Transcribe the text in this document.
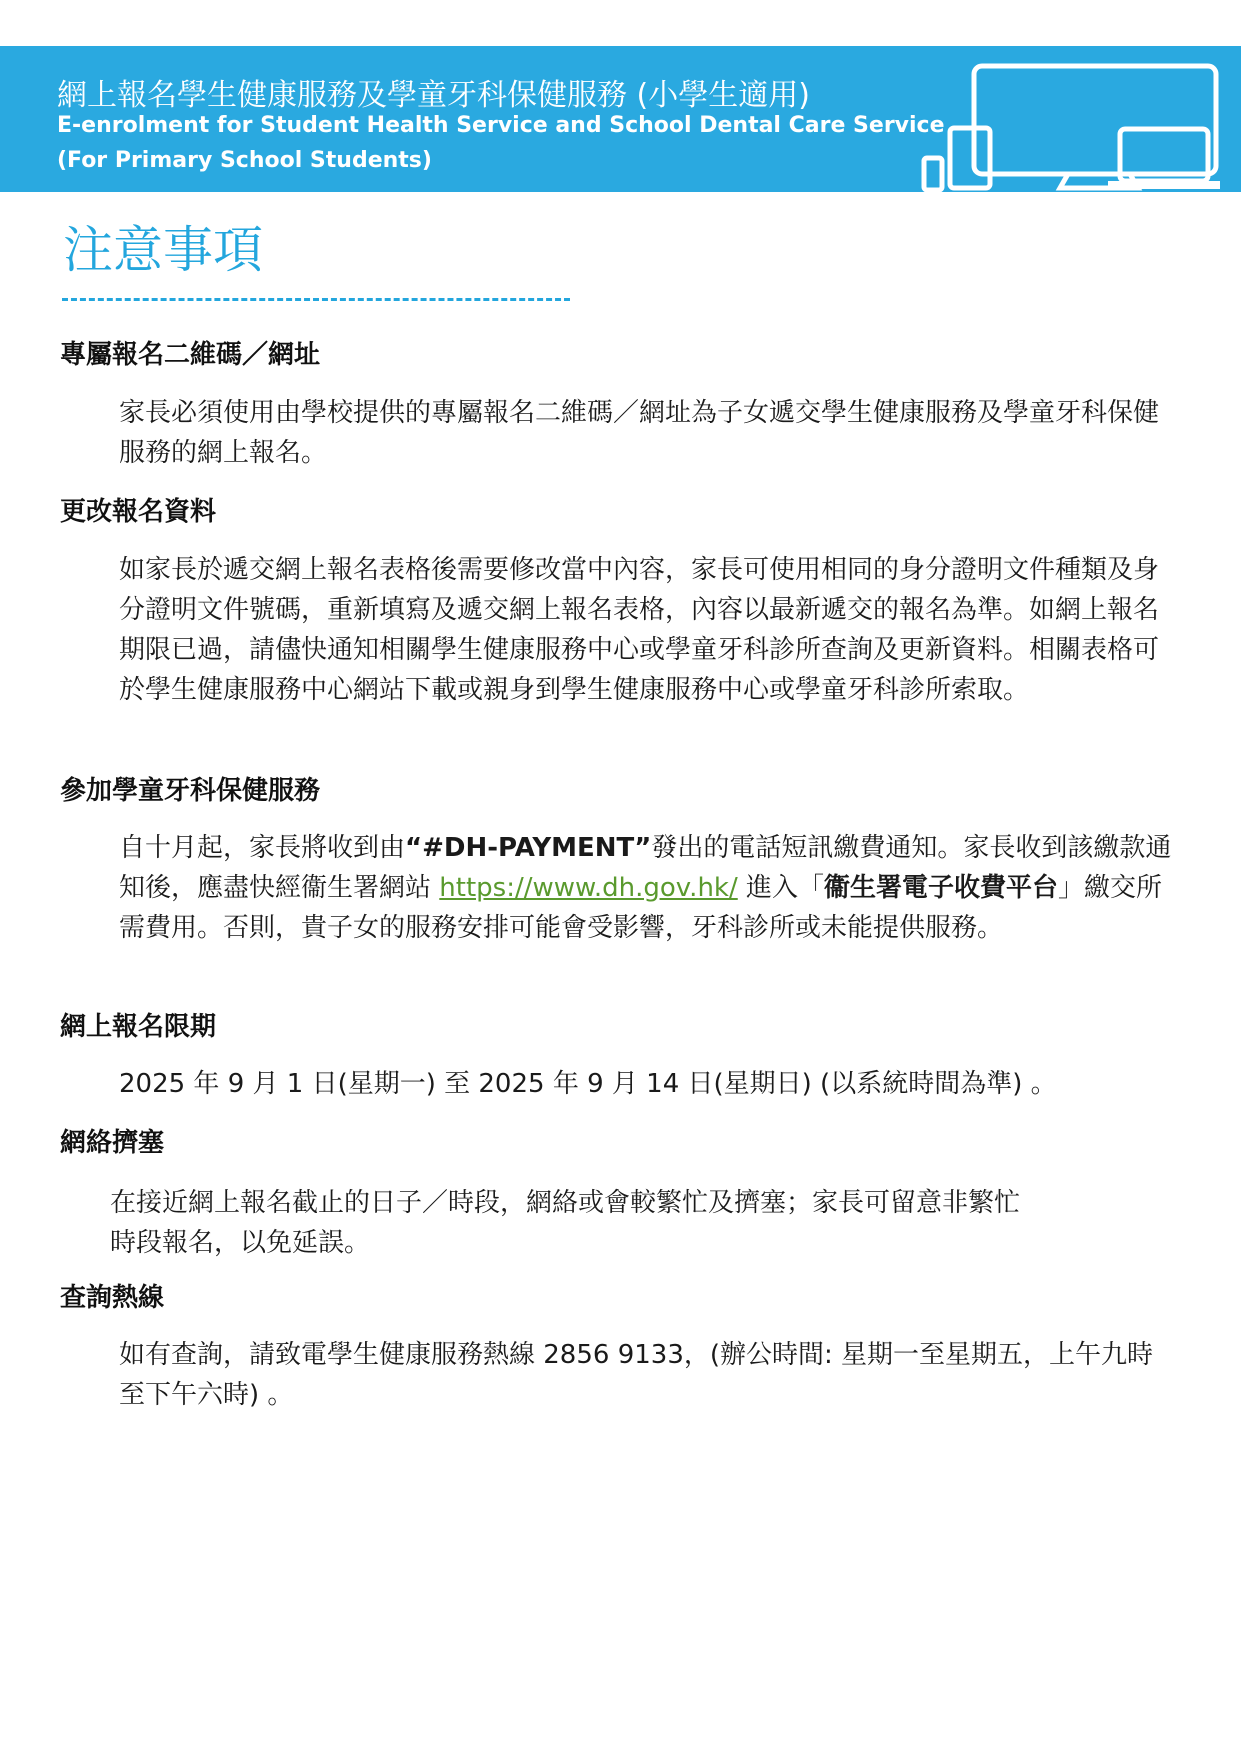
網上報名學生健康服務及學童牙科保健服務 (小學生適用)
E-enrolment for Student Health Service and School Dental Care Service
(For Primary School Students)
注意事項
專屬報名二維碼／網址
家長必須使用由學校提供的專屬報名二維碼／網址為子女遞交學生健康服務及學童牙科保健服務的網上報名。
更改報名資料
如家長於遞交網上報名表格後需要修改當中內容，家長可使用相同的身分證明文件種類及身分證明文件號碼，重新填寫及遞交網上報名表格，內容以最新遞交的報名為準。如網上報名期限已過，請儘快通知相關學生健康服務中心或學童牙科診所查詢及更新資料。相關表格可於學生健康服務中心網站下載或親身到學生健康服務中心或學童牙科診所索取。
參加學童牙科保健服務
自十月起，家長將收到由“#DH-PAYMENT”發出的電話短訊繳費通知。家長收到該繳款通知後，應盡快經衞生署網站 https://www.dh.gov.hk/ 進入「衞生署電子收費平台」繳交所需費用。否則，貴子女的服務安排可能會受影響，牙科診所或未能提供服務。
網上報名限期
2025 年 9 月 1 日(星期一) 至 2025 年 9 月 14 日(星期日) (以系統時間為準) 。
網絡擠塞
在接近網上報名截止的日子／時段，網絡或會較繁忙及擠塞；家長可留意非繁忙
時段報名，以免延誤。
查詢熱線
如有查詢，請致電學生健康服務熱線 2856 9133，(辦公時間: 星期一至星期五，上午九時至下午六時) 。
